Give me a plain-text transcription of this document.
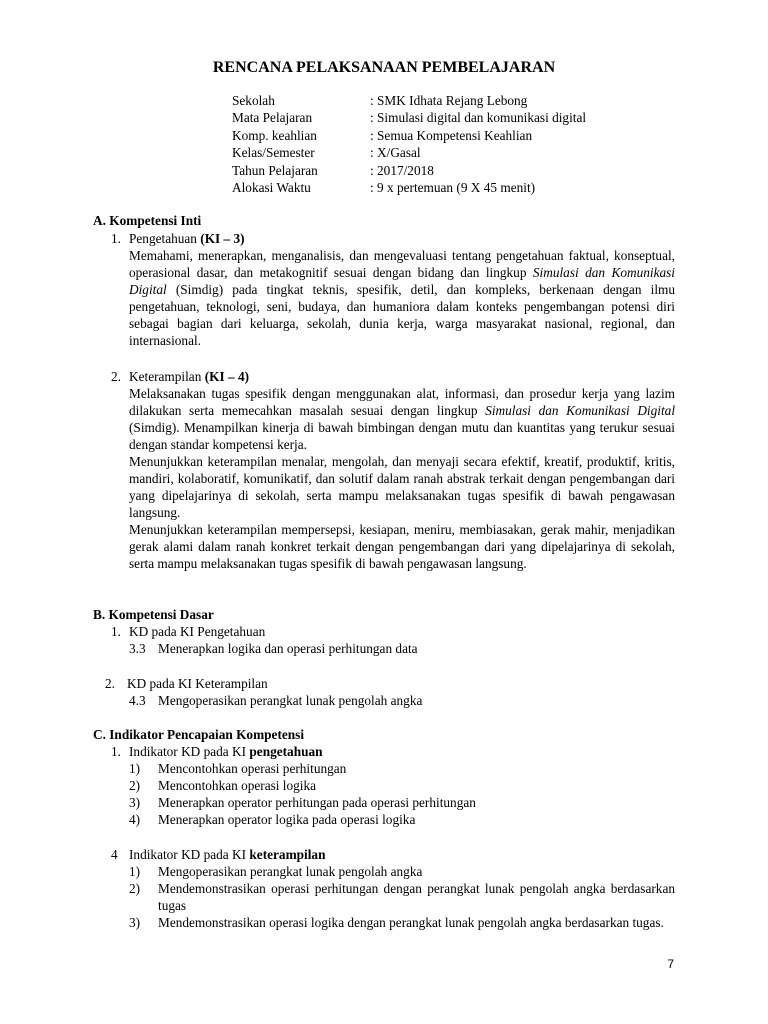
RENCANA PELAKSANAAN PEMBELAJARAN
Sekolah	: SMK Idhata Rejang Lebong
Mata Pelajaran	: Simulasi digital dan komunikasi digital
Komp. keahlian	: Semua Kompetensi Keahlian
Kelas/Semester	: X/Gasal
Tahun Pelajaran	: 2017/2018
Alokasi Waktu	: 9 x pertemuan (9 X 45 menit)
A. Kompetensi Inti
1. Pengetahuan (KI – 3)
Memahami, menerapkan, menganalisis, dan mengevaluasi tentang pengetahuan faktual, konseptual, operasional dasar, dan metakognitif sesuai dengan bidang dan lingkup Simulasi dan Komunikasi Digital (Simdig) pada tingkat teknis, spesifik, detil, dan kompleks, berkenaan dengan ilmu pengetahuan, teknologi, seni, budaya, dan humaniora dalam konteks pengembangan potensi diri sebagai bagian dari keluarga, sekolah, dunia kerja, warga masyarakat nasional, regional, dan internasional.
2. Keterampilan (KI – 4)
Melaksanakan tugas spesifik dengan menggunakan alat, informasi, dan prosedur kerja yang lazim dilakukan serta memecahkan masalah sesuai dengan lingkup Simulasi dan Komunikasi Digital (Simdig). Menampilkan kinerja di bawah bimbingan dengan mutu dan kuantitas yang terukur sesuai dengan standar kompetensi kerja.
Menunjukkan keterampilan menalar, mengolah, dan menyaji secara efektif, kreatif, produktif, kritis, mandiri, kolaboratif, komunikatif, dan solutif dalam ranah abstrak terkait dengan pengembangan dari yang dipelajarinya di sekolah, serta mampu melaksanakan tugas spesifik di bawah pengawasan langsung.
Menunjukkan keterampilan mempersepsi, kesiapan, meniru, membiasakan, gerak mahir, menjadikan gerak alami dalam ranah konkret terkait dengan pengembangan dari yang dipelajarinya di sekolah, serta mampu melaksanakan tugas spesifik di bawah pengawasan langsung.
B. Kompetensi Dasar
1. KD pada KI Pengetahuan
3.3 Menerapkan logika dan operasi perhitungan data
2. KD pada KI Keterampilan
4.3 Mengoperasikan perangkat lunak pengolah angka
C. Indikator Pencapaian Kompetensi
1. Indikator KD pada KI pengetahuan
1) Mencontohkan operasi perhitungan
2) Mencontohkan operasi logika
3) Menerapkan operator perhitungan pada operasi perhitungan
4) Menerapkan operator logika pada operasi logika
4 Indikator KD pada KI keterampilan
1) Mengoperasikan perangkat lunak pengolah angka
2) Mendemonstrasikan operasi perhitungan dengan perangkat lunak pengolah angka berdasarkan tugas
3) Mendemonstrasikan operasi logika dengan perangkat lunak pengolah angka berdasarkan tugas.
7
